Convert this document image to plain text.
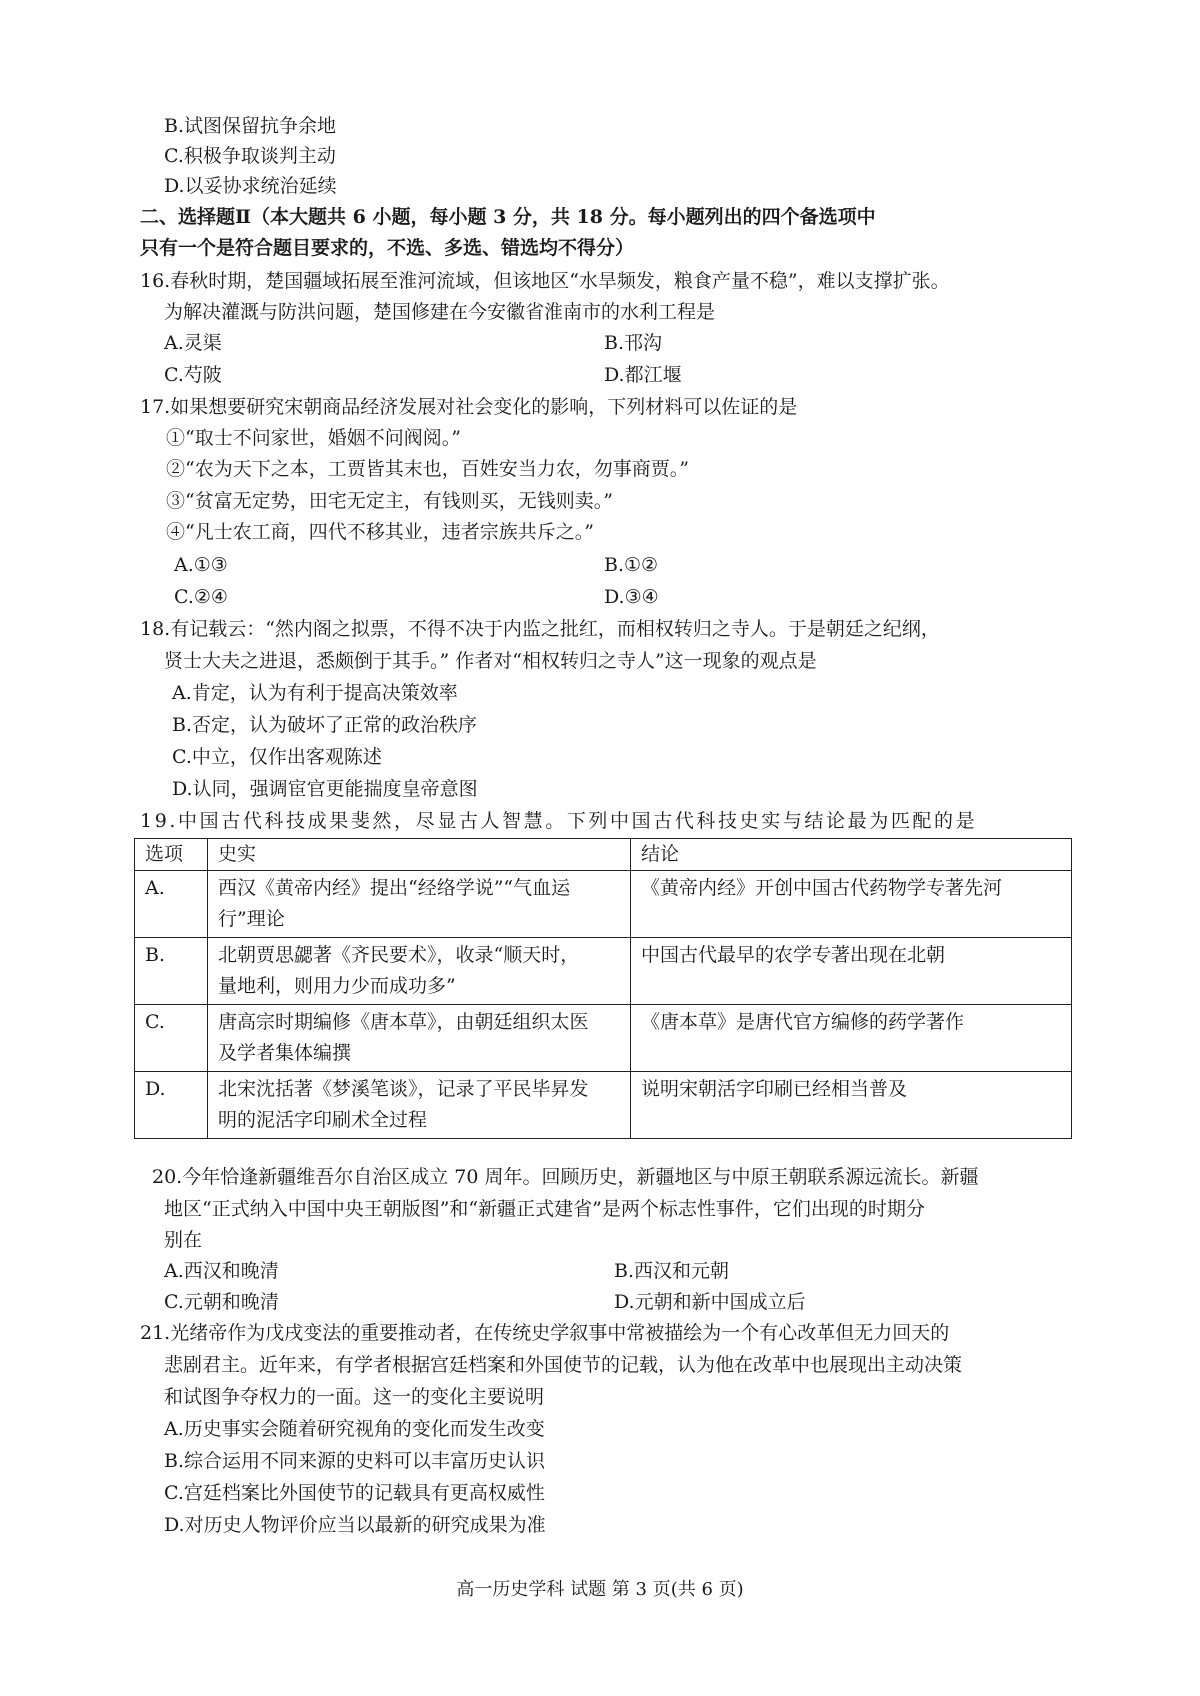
B.试图保留抗争余地
C.积极争取谈判主动
D.以妥协求统治延续
二、选择题Ⅱ（本大题共 6 小题，每小题 3 分，共 18 分。每小题列出的四个备选项中
只有一个是符合题目要求的，不选、多选、错选均不得分）
16.春秋时期，楚国疆域拓展至淮河流域，但该地区“水旱频发，粮食产量不稳”，难以支撑扩张。
为解决灌溉与防洪问题，楚国修建在今安徽省淮南市的水利工程是
A.灵渠	B.邗沟
C.芍陂	D.都江堰
17.如果想要研究宋朝商品经济发展对社会变化的影响，下列材料可以佐证的是
①“取士不问家世，婚姻不问阀阅。”
②“农为天下之本，工贾皆其末也，百姓安当力农，勿事商贾。”
③“贫富无定势，田宅无定主，有钱则买，无钱则卖。”
④“凡士农工商，四代不移其业，违者宗族共斥之。”
A.①③	B.①②
C.②④	D.③④
18.有记载云：“然内阁之拟票，不得不决于内监之批红，而相权转归之寺人。于是朝廷之纪纲，
贤士大夫之进退，悉颇倒于其手。” 作者对“相权转归之寺人”这一现象的观点是
A.肯定，认为有利于提高决策效率
B.否定，认为破坏了正常的政治秩序
C.中立，仅作出客观陈述
D.认同，强调宦官更能揣度皇帝意图
19.中国古代科技成果斐然，尽显古人智慧。下列中国古代科技史实与结论最为匹配的是
选项	史实	结论
A.	西汉《黄帝内经》提出“经络学说”“气血运
行”理论	《黄帝内经》开创中国古代药物学专著先河
B.	北朝贾思勰著《齐民要术》，收录“顺天时，
量地利，则用力少而成功多”	中国古代最早的农学专著出现在北朝
C.	唐高宗时期编修《唐本草》，由朝廷组织太医
及学者集体编撰	《唐本草》是唐代官方编修的药学著作
D.	北宋沈括著《梦溪笔谈》，记录了平民毕昇发
明的泥活字印刷术全过程	说明宋朝活字印刷已经相当普及
20.今年恰逢新疆维吾尔自治区成立 70 周年。回顾历史，新疆地区与中原王朝联系源远流长。新疆
地区“正式纳入中国中央王朝版图”和“新疆正式建省”是两个标志性事件，它们出现的时期分
别在
A.西汉和晚清	B.西汉和元朝
C.元朝和晚清	D.元朝和新中国成立后
21.光绪帝作为戊戌变法的重要推动者，在传统史学叙事中常被描绘为一个有心改革但无力回天的
悲剧君主。近年来，有学者根据宫廷档案和外国使节的记载，认为他在改革中也展现出主动决策
和试图争夺权力的一面。这一的变化主要说明
A.历史事实会随着研究视角的变化而发生改变
B.综合运用不同来源的史料可以丰富历史认识
C.宫廷档案比外国使节的记载具有更高权威性
D.对历史人物评价应当以最新的研究成果为准
高一历史学科 试题 第 3 页(共 6 页)
